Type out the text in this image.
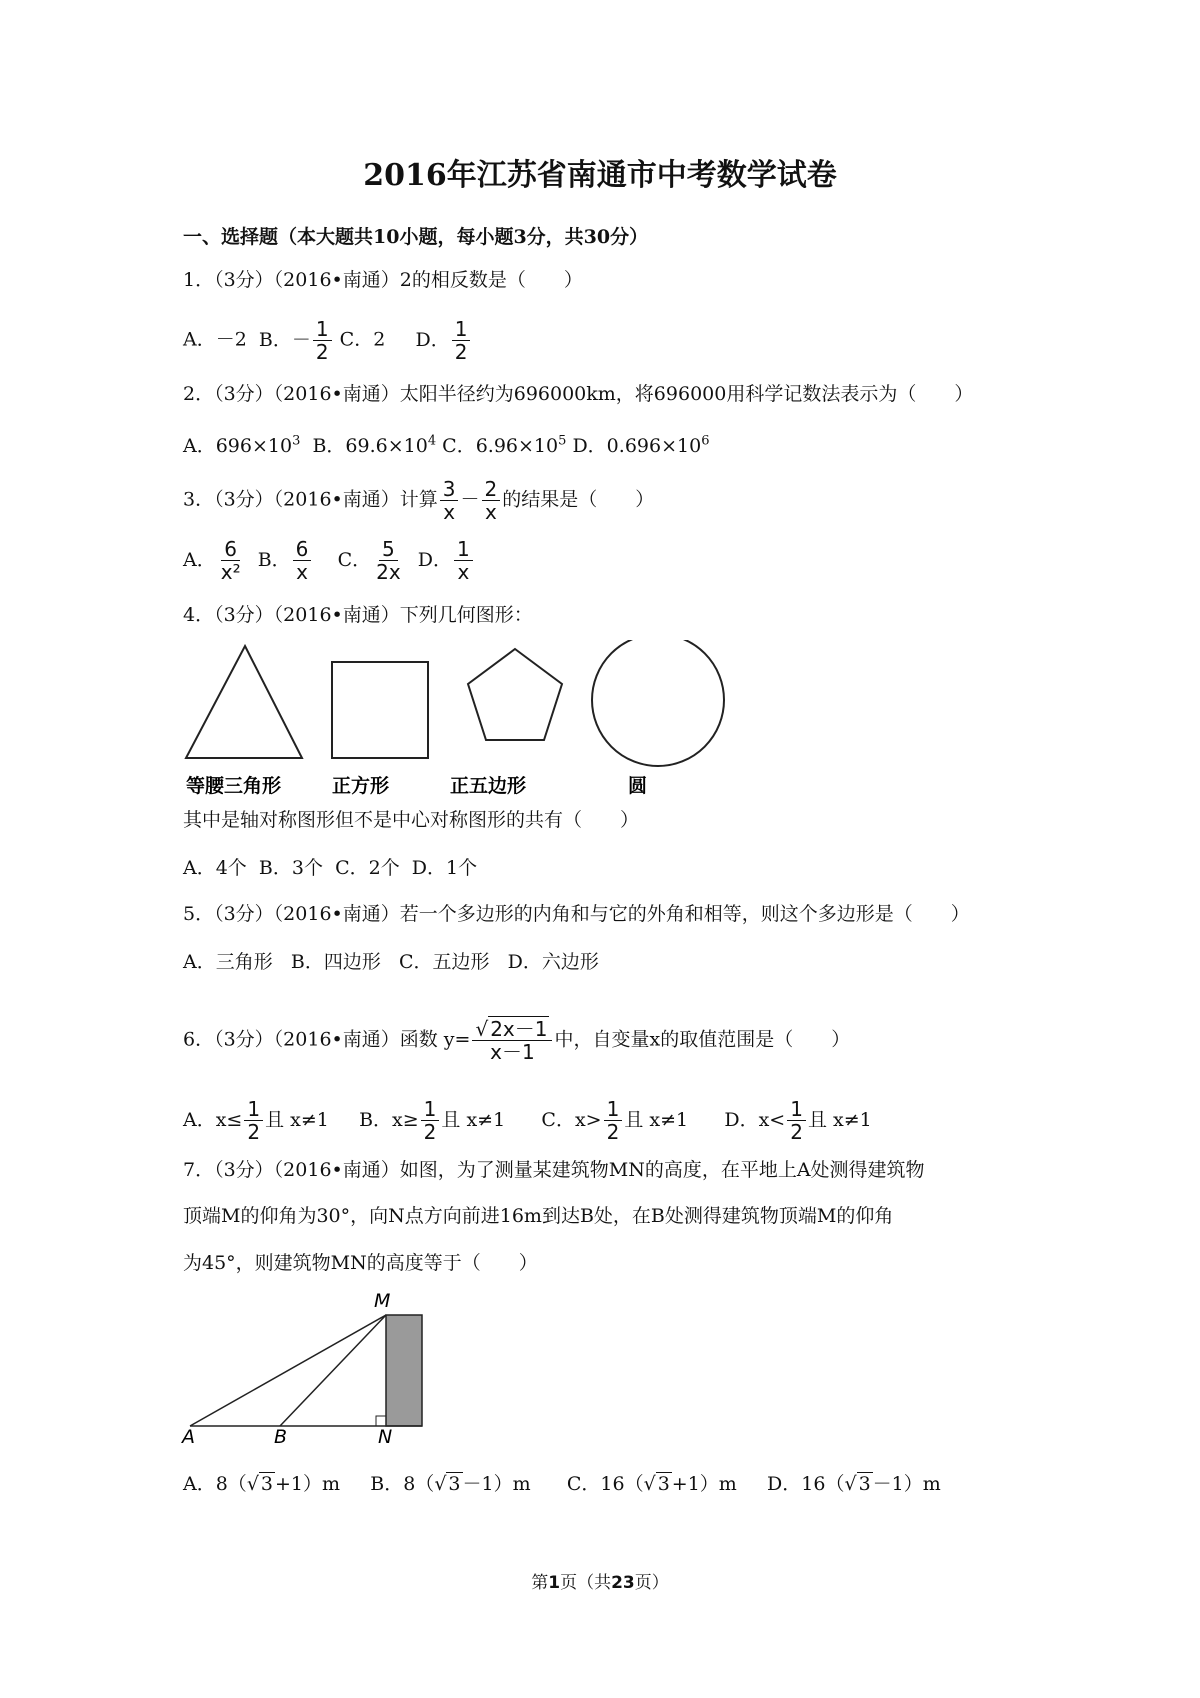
2016年江苏省南通市中考数学试卷
一、选择题（本大题共10小题，每小题3分，共30分）
1．（3分）（2016•南通）2的相反数是（　　）
A．－2 B．－ $\frac{1}{2}$ C．2 D． $\frac{1}{2}$
2．（3分）（2016•南通）太阳半径约为696000km，将696000用科学记数法表示为（　　）
A．$696\times 10^3$ B．$69.6\times 10^4$ C．$6.96\times 10^5$ D．$0.696\times 10^6$
3．（3分）（2016•南通）计算 $\frac{3}{x} - \frac{2}{x}$ 的结果是（　　）
A． $\frac{6}{\text{x²}}$ B． $\frac{6}{x}$ C． $\frac{5}{2x}$ D． $\frac{1}{x}$
4．（3分）（2016•南通）下列几何图形：
等腰三角形	正方形	正五边形	圆
其中是轴对称图形但不是中心对称图形的共有（　　）
A．4个 B．3个 C．2个 D．1个
5．（3分）（2016•南通）若一个多边形的内角和与它的外角和相等，则这个多边形是（　　）
A．三角形 B．四边形 C．五边形 D．六边形
6．（3分）（2016•南通）函数 $y= \frac{√ 2x-1}{x-1}$ 中，自变量x的取值范围是（　　）
A．$x\le \frac{1}{2}$ 且 x≠1 B．$x\ge \frac{1}{2}$ 且 x≠1 C．$x> \frac{1}{2}$ 且 x≠1 D．$x< \frac{1}{2}$ 且 x≠1
7．（3分）（2016•南通）如图，为了测量某建筑物MN的高度，在平地上A处测得建筑物
顶端M的仰角为30°，向N点方向前进16m到达B处，在B处测得建筑物顶端M的仰角
为45°，则建筑物MN的高度等于（　　）
M
A	B	N
A．8（√ 3 +1）m B．8（√ 3 －1）m C．16（√ 3 +1）m D．16（√ 3 －1）m
第1页（共23页）
